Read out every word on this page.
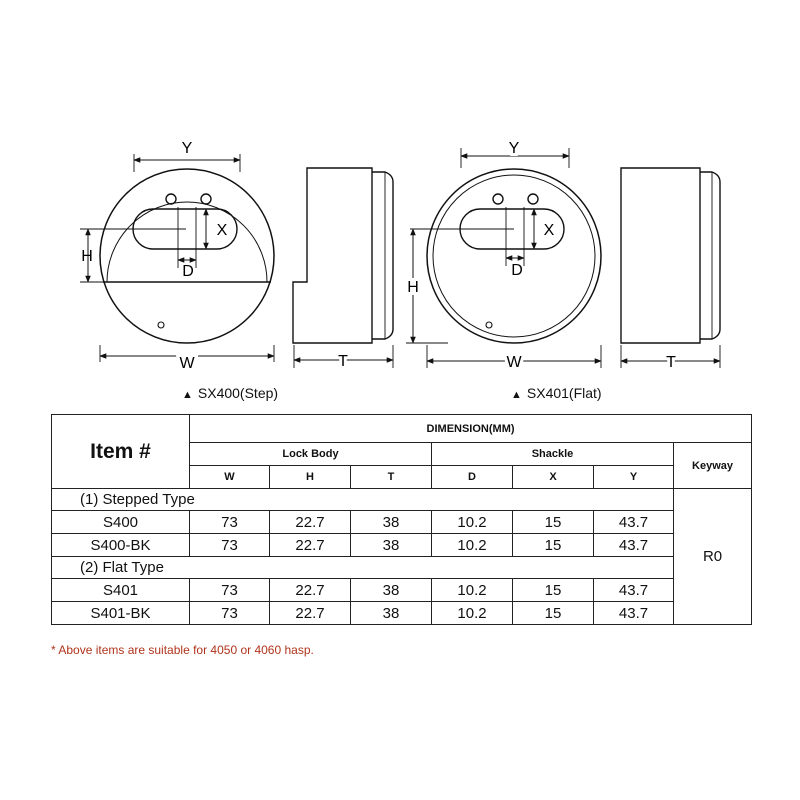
Y
X
H
D
W	T
Y
X
H
D
W	T
▲ SX400(Step)	▲ SX401(Flat)
Item #	DIMENSION(MM)						
	Lock Body			Shackle			Keyway
	W	H	T	D	X	Y	
(1) Stepped Type							R0
S400	73	22.7	38	10.2	15	43.7	
S400-BK	73	22.7	38	10.2	15	43.7	
(2) Flat Type							
S401	73	22.7	38	10.2	15	43.7	
S401-BK	73	22.7	38	10.2	15	43.7	
* Above items are suitable for 4050 or 4060 hasp.
